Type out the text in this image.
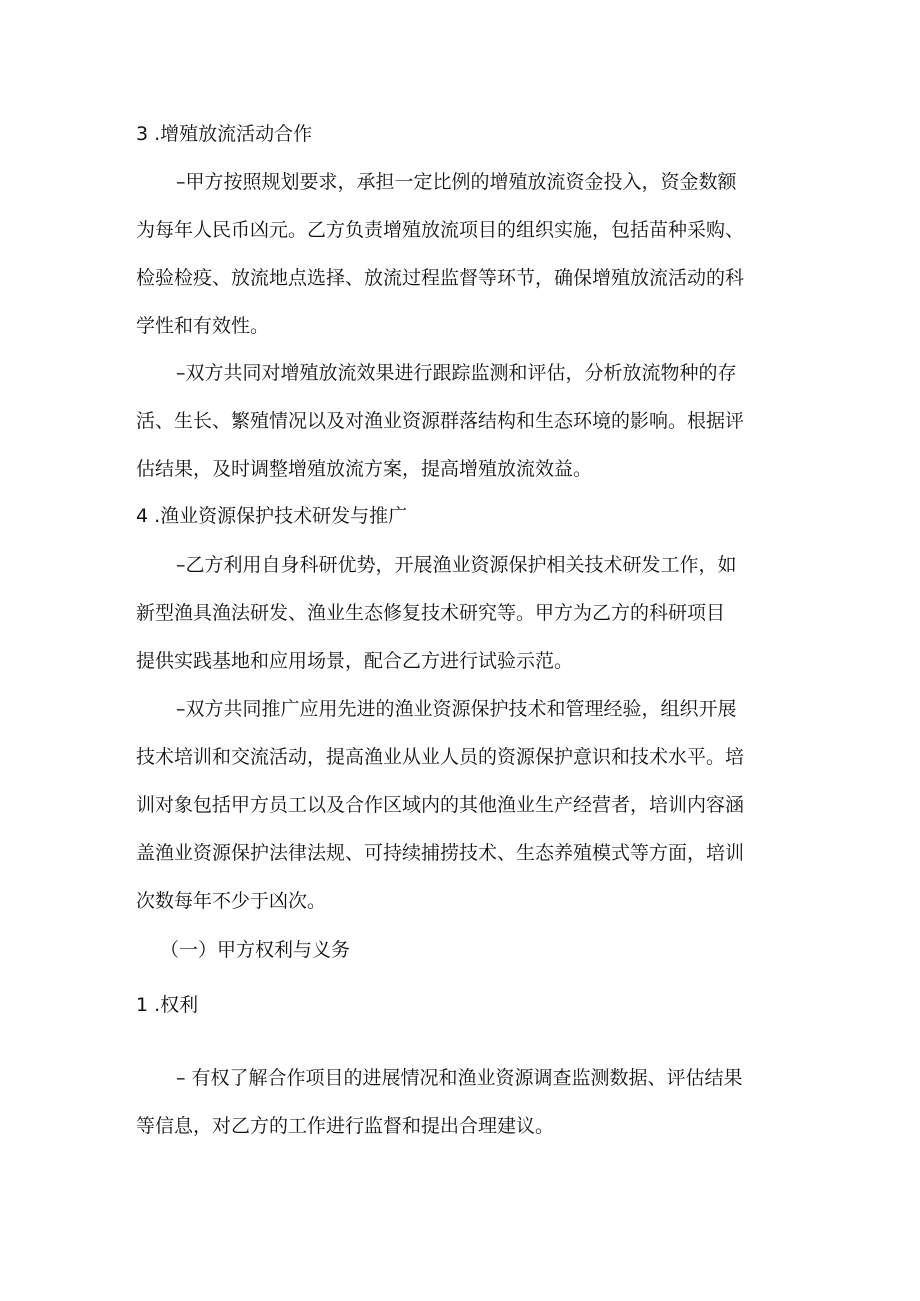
3 .增殖放流活动合作
–甲方按照规划要求，承担一定比例的增殖放流资金投入，资金数额
为每年人民币凶元。乙方负责增殖放流项目的组织实施，包括苗种采购、
检验检疫、放流地点选择、放流过程监督等环节，确保增殖放流活动的科
学性和有效性。
–双方共同对增殖放流效果进行跟踪监测和评估，分析放流物种的存
活、生长、繁殖情况以及对渔业资源群落结构和生态环境的影响。根据评
估结果，及时调整增殖放流方案，提高增殖放流效益。
4 .渔业资源保护技术研发与推广
–乙方利用自身科研优势，开展渔业资源保护相关技术研发工作，如
新型渔具渔法研发、渔业生态修复技术研究等。甲方为乙方的科研项目
提供实践基地和应用场景，配合乙方进行试验示范。
–双方共同推广应用先进的渔业资源保护技术和管理经验，组织开展
技术培训和交流活动，提高渔业从业人员的资源保护意识和技术水平。培
训对象包括甲方员工以及合作区域内的其他渔业生产经营者，培训内容涵
盖渔业资源保护法律法规、可持续捕捞技术、生态养殖模式等方面，培训
次数每年不少于凶次。
（一）甲方权利与义务
1 .权利
– 有权了解合作项目的进展情况和渔业资源调查监测数据、评估结果
等信息，对乙方的工作进行监督和提出合理建议。
